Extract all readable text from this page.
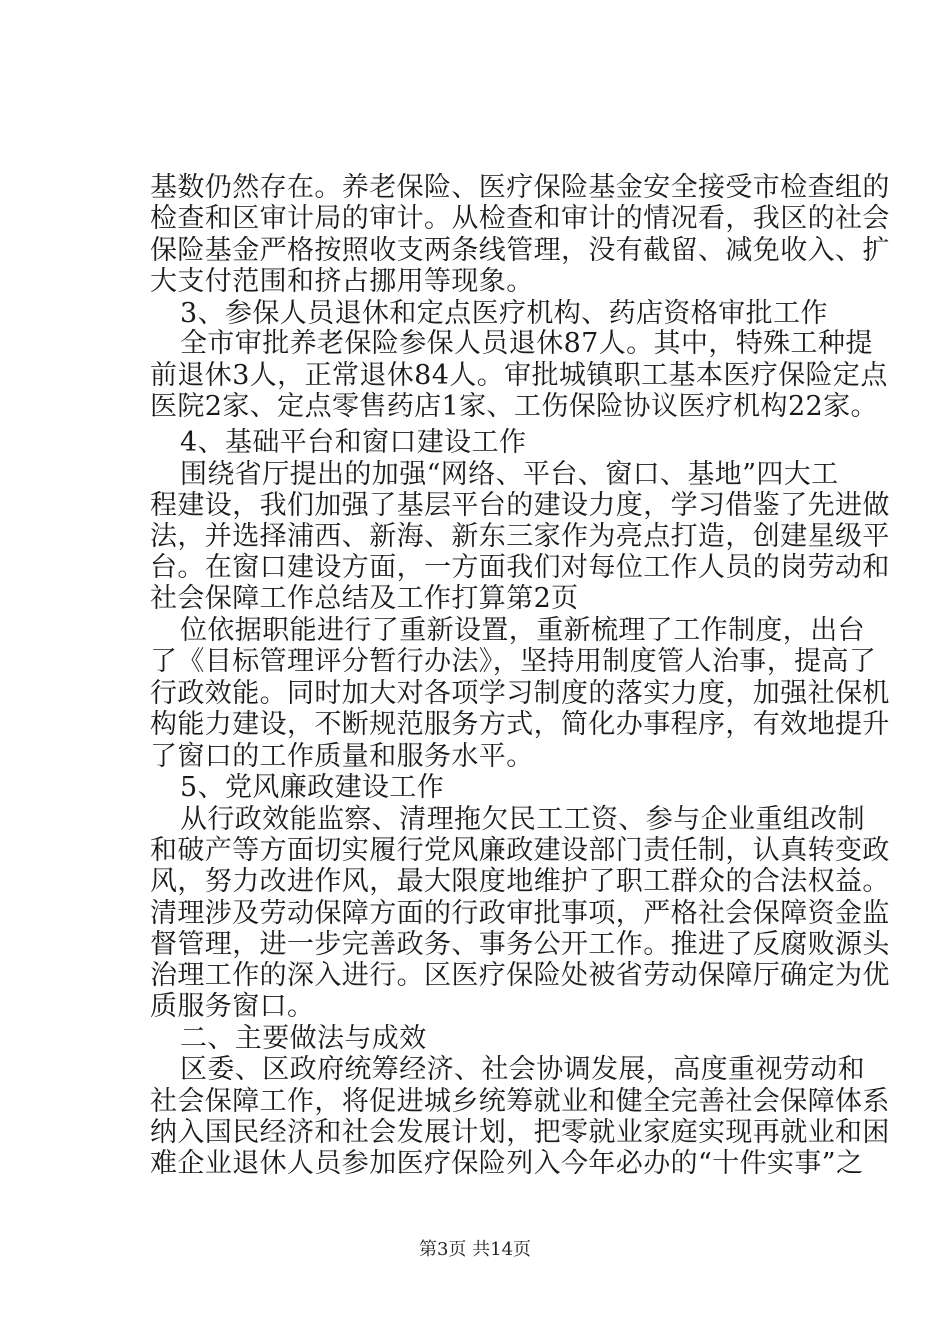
基数仍然存在。养老保险、医疗保险基金安全接受市检查组的
检查和区审计局的审计。从检查和审计的情况看，我区的社会
保险基金严格按照收支两条线管理，没有截留、减免收入、扩
大支付范围和挤占挪用等现象。
3、参保人员退休和定点医疗机构、药店资格审批工作
全市审批养老保险参保人员退休87人。其中，特殊工种提
前退休3人，正常退休84人。审批城镇职工基本医疗保险定点
医院2家、定点零售药店1家、工伤保险协议医疗机构22家。
4、基础平台和窗口建设工作
围绕省厅提出的加强“网络、平台、窗口、基地”四大工
程建设，我们加强了基层平台的建设力度，学习借鉴了先进做
法，并选择浦西、新海、新东三家作为亮点打造，创建星级平
台。在窗口建设方面，一方面我们对每位工作人员的岗劳动和
社会保障工作总结及工作打算第2页
位依据职能进行了重新设置，重新梳理了工作制度，出台
了《目标管理评分暂行办法》，坚持用制度管人治事，提高了
行政效能。同时加大对各项学习制度的落实力度，加强社保机
构能力建设，不断规范服务方式，简化办事程序，有效地提升
了窗口的工作质量和服务水平。
5、党风廉政建设工作
从行政效能监察、清理拖欠民工工资、参与企业重组改制
和破产等方面切实履行党风廉政建设部门责任制，认真转变政
风，努力改进作风，最大限度地维护了职工群众的合法权益。
清理涉及劳动保障方面的行政审批事项，严格社会保障资金监
督管理，进一步完善政务、事务公开工作。推进了反腐败源头
治理工作的深入进行。区医疗保险处被省劳动保障厅确定为优
质服务窗口。
二、主要做法与成效
区委、区政府统筹经济、社会协调发展，高度重视劳动和
社会保障工作，将促进城乡统筹就业和健全完善社会保障体系
纳入国民经济和社会发展计划，把零就业家庭实现再就业和困
难企业退休人员参加医疗保险列入今年必办的“十件实事”之
第3页 共14页
